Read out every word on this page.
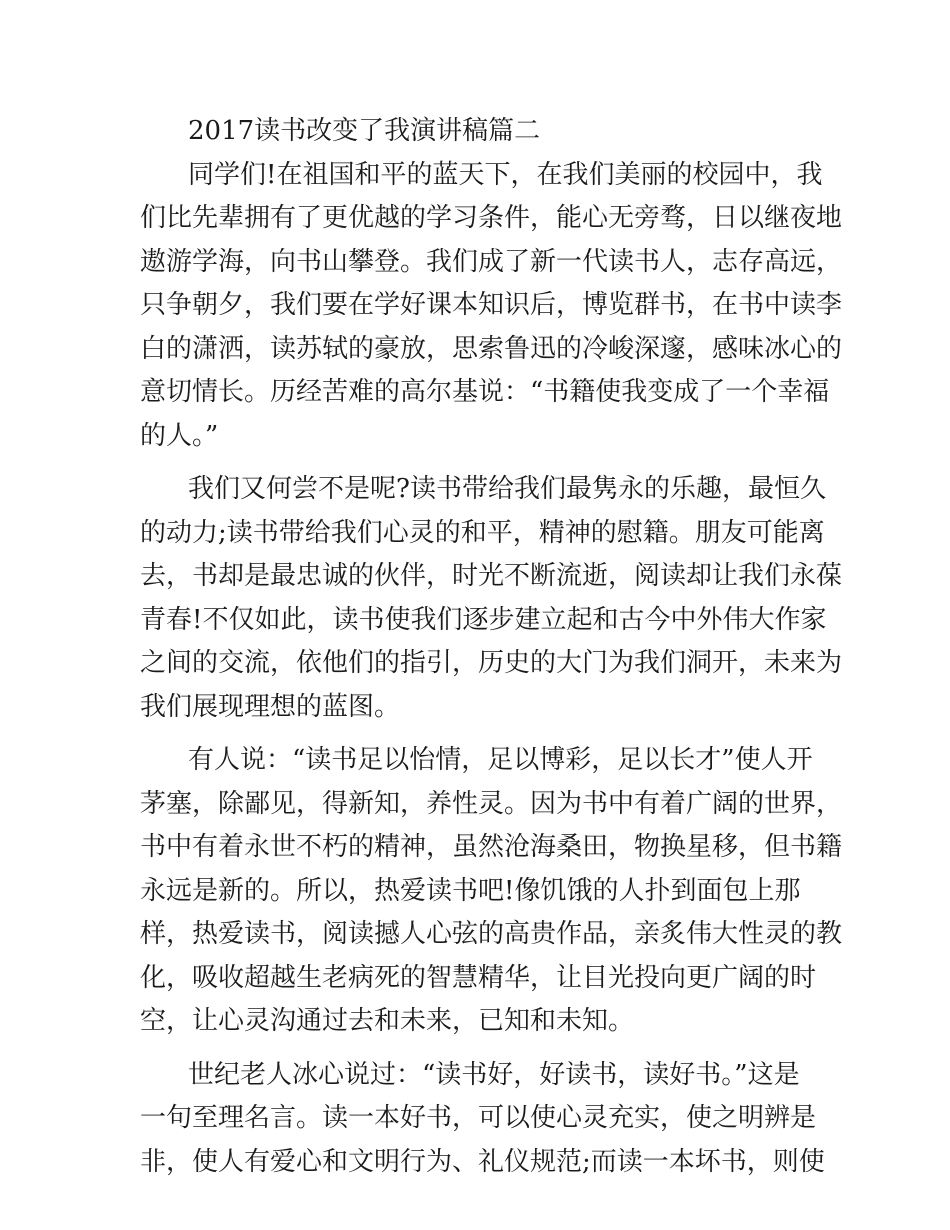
2017读书改变了我演讲稿篇二
同学们!在祖国和平的蓝天下，在我们美丽的校园中，我
们比先辈拥有了更优越的学习条件，能心无旁骛，日以继夜地
遨游学海，向书山攀登。我们成了新一代读书人，志存高远，
只争朝夕，我们要在学好课本知识后，博览群书，在书中读李
白的潇洒，读苏轼的豪放，思索鲁迅的冷峻深邃，感味冰心的
意切情长。历经苦难的高尔基说：“书籍使我变成了一个幸福
的人。”
我们又何尝不是呢?读书带给我们最隽永的乐趣，最恒久
的动力;读书带给我们心灵的和平，精神的慰籍。朋友可能离
去，书却是最忠诚的伙伴，时光不断流逝，阅读却让我们永葆
青春!不仅如此，读书使我们逐步建立起和古今中外伟大作家
之间的交流，依他们的指引，历史的大门为我们洞开，未来为
我们展现理想的蓝图。
有人说：“读书足以怡情，足以博彩，足以长才”使人开
茅塞，除鄙见，得新知，养性灵。因为书中有着广阔的世界，
书中有着永世不朽的精神，虽然沧海桑田，物换星移，但书籍
永远是新的。所以，热爱读书吧!像饥饿的人扑到面包上那
样，热爱读书，阅读撼人心弦的高贵作品，亲炙伟大性灵的教
化，吸收超越生老病死的智慧精华，让目光投向更广阔的时
空，让心灵沟通过去和未来，已知和未知。
世纪老人冰心说过：“读书好，好读书，读好书。”这是
一句至理名言。读一本好书，可以使心灵充实，使之明辨是
非，使人有爱心和文明行为、礼仪规范;而读一本坏书，则使
